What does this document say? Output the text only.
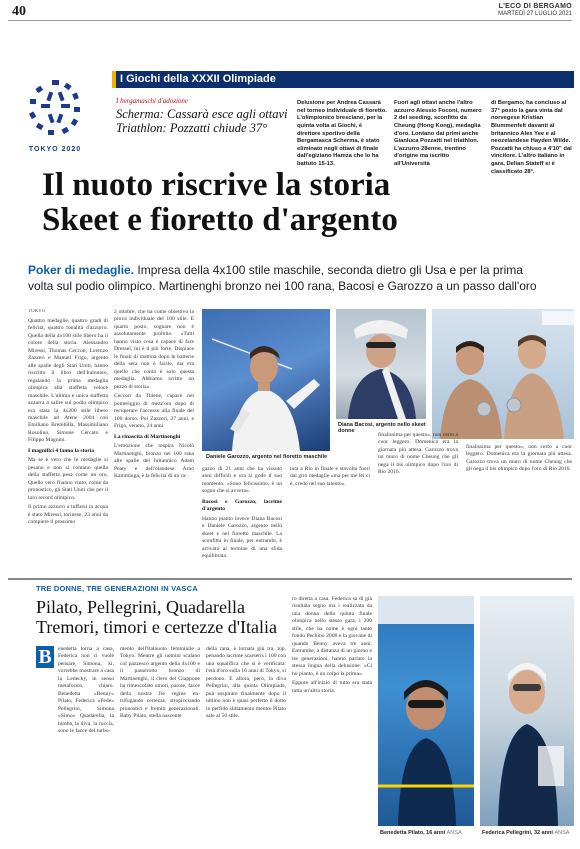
40	L'ECO DI BERGAMO
MARTEDÌ 27 LUGLIO 2021
TOKYO 2020
I Giochi della XXXII Olimpiade
I bergamaschi d'adozione
Scherma: Cassarà esce agli ottavi Triathlon: Pozzatti chiude 37°
Delusione per Andrea Cassarà nel torneo individuale di fioretto. L'olimpionico bresciano, per la quinta volta ai Giochi, è direttore sportivo della Bergamasca Scherma, è stato eliminato negli ottavi di finale dall'egiziano Hamza che lo ha battuto 15-13.
Fuori agli ottavi anche l'altro azzurro Alessio Foconi, numero 2 del seeding, sconfitto da Cheung (Hong Kong), medaglia d'oro. Lontano dai primi anche Gianluca Pozzatti nel triathlon. L'azzurro 28enne, trentino d'origine ma iscritto all'Università
di Bergamo, ha concluso al 37° posto la gara vinta dal norvegese Kristian Blummenfelt davanti al britannico Alex Yee e al neozelandese Hayden Wilde. Pozzatti ha chiuso a 4'10" dal vincitore. L'altro italiano in gara, Delian Stateff si è classificato 28°.
Il nuoto riscrive la storia
Skeet e fioretto d'argento
Poker di medaglie. Impresa della 4x100 stile maschile, seconda dietro gli Usa e per la prima volta sul podio olimpico. Martinenghi bronzo nei 100 rana, Bacosi e Garozzo a un passo dall'oro

TOKYO

Quattro medaglie, quattro gradi di felicità, quattro tonalità d'azzurro. Quella della 4x100 stile libero ha il colore della storia. Alessandro Miressi, Thomas Ceccon, Lorenzo Zazzeri e Manuel Frigo, argento alle spalle degli Stati Uniti, hanno riscritto il libro dell'Italnuoto, regalando la prima medaglia olimpica alla staffetta veloce maschile. L'ultima e unica staffetta azzurra a salire sul podio olimpico era stata la 4x200 stile libero maschile ad Atene 2004 con Emiliano Brembilla, Massimiliano Rosolino, Simone Cercato e Filippo Magnini.

I magnifici 4 fanno la storia

Ma se è vero che le medaglie si pesano e non si contano quella della staffetta pesa come un oro. Quello vero l'hanno vinto, come da pronostico, gli Stati Uniti che per il loro record olimpico.

Il primo azzurro a tuffarsi in acqua è stato Miressi, torinese, 23 anni da compiere il prossimo

2 ottobre, che ha come obiettivo la prova individuale del 100 stile. E quarto posto, sognare non è assolutamente proibito. «Tutti hanno visto cosa è capace di fare Dressel, lui è il più forte. Dispiace le finali di mattina dopo le batterie della sera non è facile, ma era quello che conta è solo questa medaglia. Abbiamo scritto un pezzo di storia».

Ceccon da Thiene, capace nel pomeriggio di mezz'ora dopo di recuperare l'accesso alla finale dei 100 dorso. Poi Zazzeri, 27 anni, e Frigo, veneto, 24 anni.

La rinascita di Martinenghi

L'emozione che respira Nicolò Martinenghi, bronzo nei 100 rana alle spalle del britannico Adam Peaty e dell'olandese Arno Kamminga, è la felicità di un ra-

Daniele Garozzo, argento nel fioretto maschile
Diana Bacosi, argento nello skeet donne

gazzo di 21 anni che ha vissuto anni difficili e ora si gode il suo momento. «Sono felicissimo, è un sogno che si avvera».

Bacosi e Garozzo, lacrime d'argento

Hanno pianto invece Diana Bacosi e Daniele Garozzo, argento nello skeet e nel fioretto maschile. La sconfitta in finale, per entrambi, è arrivata al termine di una sfida equilibrata.

tuta a Rio in finale e stavolta fuori dal giro medaglie «ma per me lei ci è, credo nel suo talento».

finalissima per questo», non certo a cuor leggero. Domenica era la giornata più attesa. Garozzo trova un muro di nome Cheung che gli nega il bis olimpico dopo l'oro di Rio 2016.

finalissima per questo», non certo a cuor leggero. Domenica era la giornata più attesa. Garozzo trova un muro di nome Cheung che gli nega il bis olimpico dopo l'oro di Rio 2016.

TRE DONNE, TRE GENERAZIONI IN VASCA
Pilato, Pellegrini, Quadarella
Tremori, timori e certezze d'Italia
B	enedetta torna a casa, Federica non ci vuole pensare, Simona, ki, vorrebbe mostrare a casa la Ledecky, in senso metaforico, chiaro. Benedetta «Benny» Pilato, Federica «Fede» Pellegrini, Simona «Simo» Quadarella, la bimba, la diva, la roccia, sono le facce del turbo-

mento dell'Italnuoto femminile a Tokyo. Mentre gli uomini scalano col pazzesco argento della 4x100 e il passerotto bronzo di Martinenghi, il clero del Giappone ha rimescolato umori, parole, facce della nostra fre regine en-trifugando certezze, stropicciando pronostici e fremiti generazionali. Baby Pilato, stella nascente

della rana, è tornata giù tra, top, penando lacrime scarseris i 100 con una squalifica che si è verificata: l'età d'oro sulla 16 anni di Tokyo, si perdono. E allora, però, la diva Pellegrini, alla quinta Olimpiade, puà sospirare finalmente dopo il ultimo non è quasi perfetto il dotto in perfido slittamento mentre Pilato sale ai 50 stile.

ro diretta a casa. Federica sa di già risultata segno ma i realizzata da una donna della quinta finale olimpica nello stesso gara, i 200 stile, che ha nome è ogni tanto fondo Pechino 2008 e la giovane di quando Benny aveva tre anni. Entrambe, a distanza di un giorno e tre generazioni, hanno parlato la stessa lingua della delusione. «Ci ho pianto, è un colpo la prima».

Eppure all'inizio di tutto era stata tutta un'altra storia.

Benedetta Pilato, 16 anni ANSA	Federica Pellegrini, 32 anni ANSA
